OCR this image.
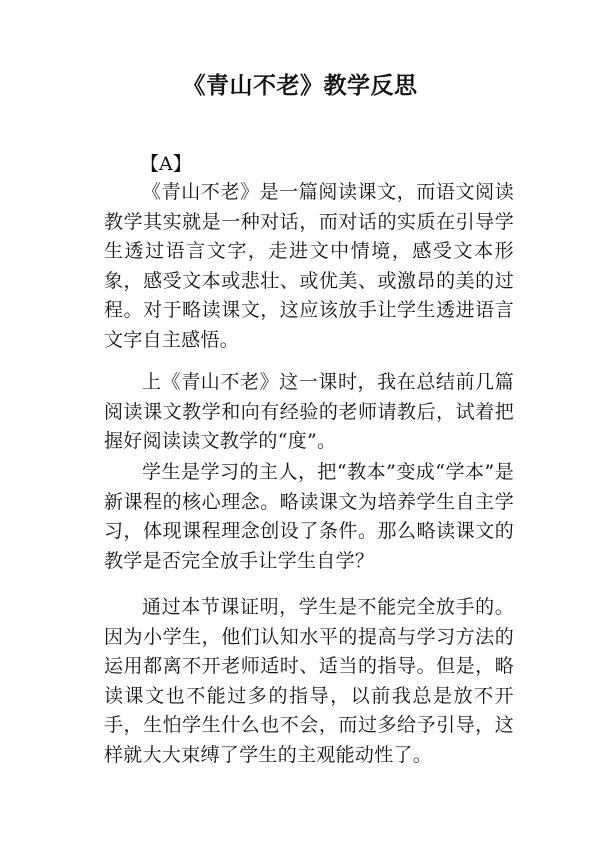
《青山不老》教学反思
【A】

《青山不老》是一篇阅读课文，而语文阅读教学其实就是一种对话，而对话的实质在引导学生透过语言文字，走进文中情境，感受文本形象，感受文本或悲壮、或优美、或激昂的美的过程。对于略读课文，这应该放手让学生透进语言文字自主感悟。

上《青山不老》这一课时，我在总结前几篇阅读课文教学和向有经验的老师请教后，试着把握好阅读读文教学的“度”。

学生是学习的主人，把“教本”变成“学本”是新课程的核心理念。略读课文为培养学生自主学习，体现课程理念创设了条件。那么略读课文的教学是否完全放手让学生自学？

通过本节课证明，学生是不能完全放手的。因为小学生，他们认知水平的提高与学习方法的运用都离不开老师适时、适当的指导。但是，略读课文也不能过多的指导，以前我总是放不开手，生怕学生什么也不会，而过多给予引导，这样就大大束缚了学生的主观能动性了。
